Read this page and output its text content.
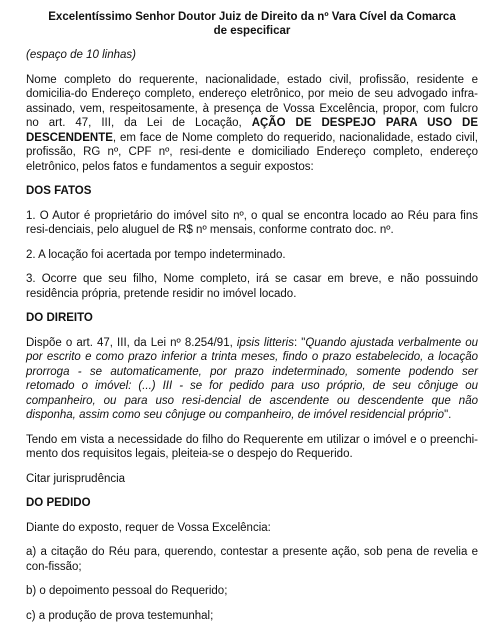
Excelentíssimo Senhor Doutor Juiz de Direito da nº Vara Cível da Comarca
de especificar

(espaço de 10 linhas)

Nome completo do requerente, nacionalidade, estado civil, profissão, residente e domicilia-do Endereço completo, endereço eletrônico, por meio de seu advogado infra-assinado, vem, respeitosamente, à presença de Vossa Excelência, propor, com fulcro no art. 47, III, da Lei de Locação, AÇÃO DE DESPEJO PARA USO DE DESCENDENTE, em face de Nome completo do requerido, nacionalidade, estado civil, profissão, RG nº, CPF nº, resi-dente e domiciliado Endereço completo, endereço eletrônico, pelos fatos e fundamentos a seguir expostos:

DOS FATOS

1. O Autor é proprietário do imóvel sito nº, o qual se encontra locado ao Réu para fins resi-denciais, pelo aluguel de R$ nº mensais, conforme contrato doc. nº.

2. A locação foi acertada por tempo indeterminado.

3. Ocorre que seu filho, Nome completo, irá se casar em breve, e não possuindo residência própria, pretende residir no imóvel locado.

DO DIREITO

Dispõe o art. 47, III, da Lei nº 8.254/91, ipsis litteris: "Quando ajustada verbalmente ou por escrito e como prazo inferior a trinta meses, findo o prazo estabelecido, a locação prorroga - se automaticamente, por prazo indeterminado, somente podendo ser retomado o imóvel: (...) III - se for pedido para uso próprio, de seu cônjuge ou companheiro, ou para uso resi-dencial de ascendente ou descendente que não disponha, assim como seu cônjuge ou companheiro, de imóvel residencial próprio".

Tendo em vista a necessidade do filho do Requerente em utilizar o imóvel e o preenchi-mento dos requisitos legais, pleiteia-se o despejo do Requerido.

Citar jurisprudência

DO PEDIDO

Diante do exposto, requer de Vossa Excelência:

a) a citação do Réu para, querendo, contestar a presente ação, sob pena de revelia e con-fissão;

b) o depoimento pessoal do Requerido;

c) a produção de prova testemunhal;
